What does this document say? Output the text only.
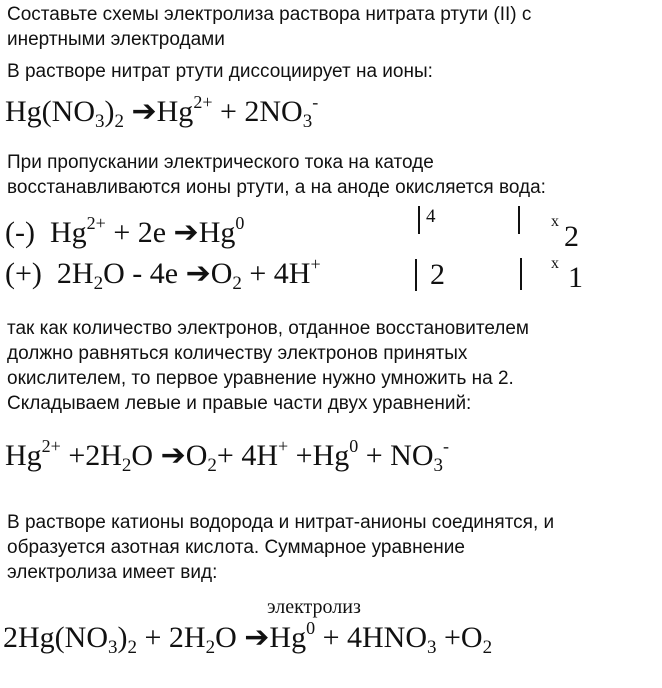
Составьте схемы электролиза раствора нитрата ртути (II) с

инертными электродами

В растворе нитрат ртути диссоциирует на ионы:

$Hg(NO_3)_2$ $➔Hg^{2+} + 2NO_3^-$

При пропускании электрического тока на катоде

восстанавливаются ионы ртути, а на аноде окисляется вода:

(-) $Hg^{2+} + 2e$ ➔Hg$^0$	4	x 2
(+) $2H_2O - 4e$ $➔O_2 + 4H^+$	2	x 1

так как количество электронов, отданное восстановителем

должно равняться количеству электронов принятых

окислителем, то первое уравнение нужно умножить на 2.

Складываем левые и правые части двух уравнений:

$Hg^{2+} +2H_2O$ $➔O_2+ 4H^+ +Hg^0 + NO_3^-$

В растворе катионы водорода и нитрат-анионы соединятся, и

образуется азотная кислота. Суммарное уравнение

электролиза имеет вид:

электролиз
$2Hg(NO_3)_2 + 2H_2O$ $➔Hg^0 + 4HNO_3 +O_2$
